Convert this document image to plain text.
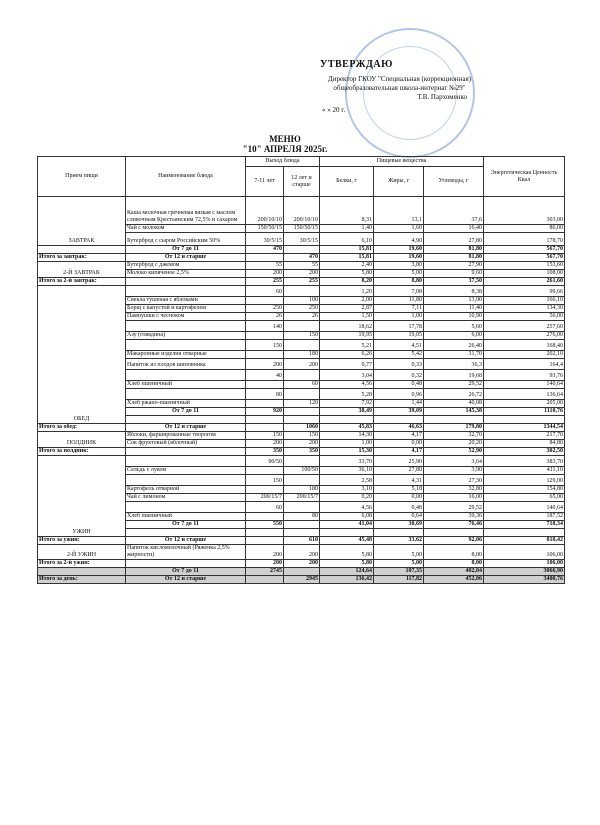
УТВЕРЖДАЮ
Директор ГКОУ "Специальная (коррекционная)
общеобразовательная школа-интернат №29"
Т.В. Пархоменко
« » 20 г.
МЕНЮ
"10" АПРЕЛЯ 2025г.
Прием пищи	Наименование блюда	Выход блюда		Пищевые вещества			Энергетическая Ценность Ккал
		7-11 лет	12 лет и старше	Белки, г	Жиры, г	Углеводы, г	
ЗАВТРАК	Каша молочная гречневая вязкая с маслом сливочным Крестьянским 72,5% и сахаром	200/10/10	200/10/10	8,31	13,1	37,6	303,00
	Чай с молоком	150/50/15	150/50/15	1,40	1,60	16,40	86,00
	Бутерброд с сыром Российским 50%	30/5/15	30/5/15	6,10	4,90	27,80	178,70
	От 7 до 11	470		15,81	19,60	81,80	567,70
Итого за завтрак:	От 12 и старше		470	15,81	19,60	81,80	567,70
2-Й ЗАВТРАК	Бутерброд с джемом	55	55	2,40	3,80	27,90	153,60
	Молоко кипяченое 2,5%	200	200	5,80	5,00	9,60	108,00
Итого за 2-й завтрак:		255	255	8,20	8,80	37,50	261,60
ОБЕД		60		1,20	7,08	8,38	99,66
	Свекла тушеная с яблоками		100	2,00	11,80	13,90	166,10
	Борщ с капустой и картофелем	250	250	2,87	7,11	11,40	134,30
	Пампушки с чесноком	26	26	1,50	1,00	10,90	56,00
		140		18,62	17,78	5,60	257,60
	Азу (говядина)		150	19,95	19,05	6,00	276,00
		150		5,21	4,51	26,40	168,40
	Макаронные изделия отварные		180	6,26	5,42	31,70	202,10
	Напиток из плодов шиповника	200	200	0,77	0,33	36,3	164,4
		40		3,04	0,32	19,68	93,76
	Хлеб пшеничный		60	4,56	0,48	29,52	140,64
		80		5,28	0,96	26,72	136,64
	Хлеб ржано-пшеничный		120	7,92	1,44	40,08	205,00
	От 7 до 11	920		38,49	39,09	145,38	1110,76

Итого за обед:	От 12 и старше		1060	45,83	46,63	179,80	1344,54
ПОЛДНИК	Яблоки, фаршированные творогом	150	150	14,30	4,17	32,70	217,70
	Сок фруктовый (яблочный)	200	200	1,00	0,00	20,20	84,80
Итого за полдник:		350	350	15,30	4,17	52,90	302,50
УЖИН		90/50		33,70	25,90	3,64	383,70
	Сельдь с луком		100/50	36,10	27,80	3,90	411,10
		150		2,58	4,31	27,30	129,00
	Картофель отварной		180	3,10	5,18	32,80	154,80
	Чай с лимоном	200/15/7	200/15/7	0,20	0,00	16,00	65,00
		60		4,56	0,48	29,52	140,64
	Хлеб пшеничный		80	6,08	0,64	39,36	187,52
	От 7 до 11	550		41,04	30,69	76,46	718,34

Итого за ужин:	От 12 и старше		610	45,48	33,62	92,06	818,42
2-Й УЖИН	Напиток кисломолочный (Ряженка 2,5% жирности)	200	200	5,80	5,00	8,00	106,00
Итого за 2-й ужин:		200	200	5,80	5,00	8,00	106,00
	От 7 до 11	2745		124,64	107,35	402,04	3066,90
Итого за день:	От 12 и старше		2945	136,42	117,82	452,06	3400,76
